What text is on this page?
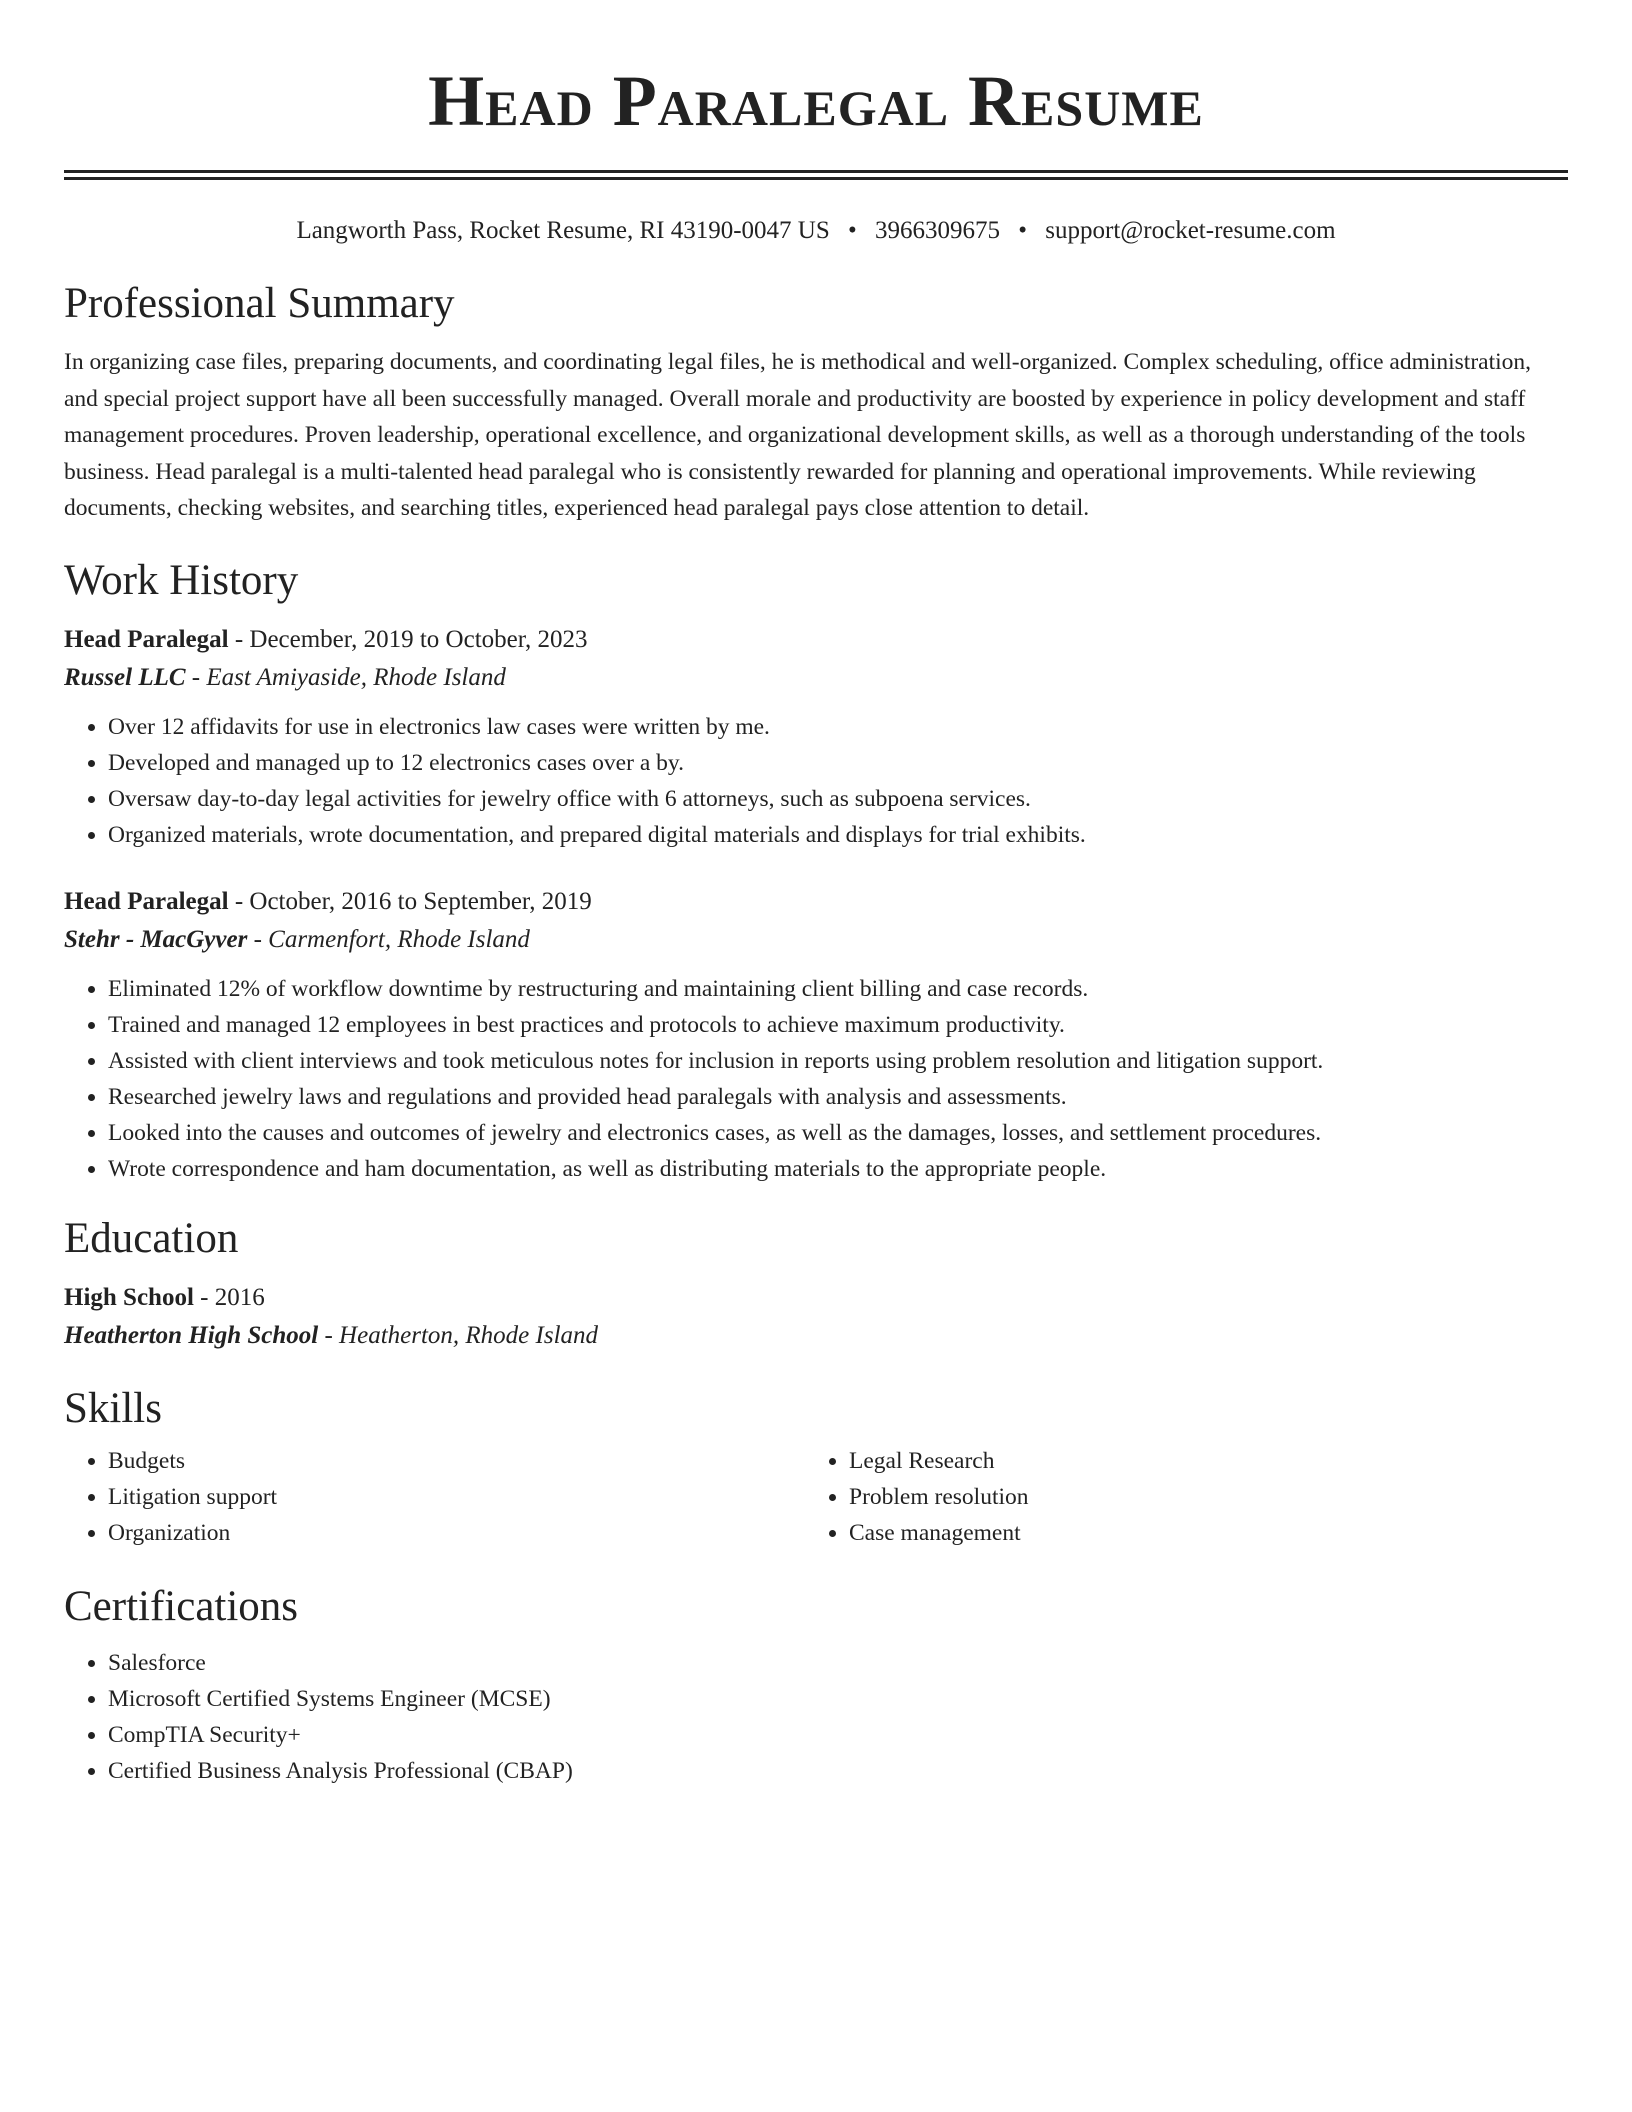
Head Paralegal Resume
Langworth Pass, Rocket Resume, RI 43190-0047 US • 3966309675 • support@rocket-resume.com
Professional Summary

In organizing case files, preparing documents, and coordinating legal files, he is methodical and well-organized. Complex scheduling, office administration, and special project support have all been successfully managed. Overall morale and productivity are boosted by experience in policy development and staff management procedures. Proven leadership, operational excellence, and organizational development skills, as well as a thorough understanding of the tools business. Head paralegal is a multi-talented head paralegal who is consistently rewarded for planning and operational improvements. While reviewing documents, checking websites, and searching titles, experienced head paralegal pays close attention to detail.

Work History
Head Paralegal - December, 2019 to October, 2023
Russel LLC - East Amiyaside, Rhode Island
• Over 12 affidavits for use in electronics law cases were written by me.
• Developed and managed up to 12 electronics cases over a by.
• Oversaw day-to-day legal activities for jewelry office with 6 attorneys, such as subpoena services.
• Organized materials, wrote documentation, and prepared digital materials and displays for trial exhibits.
Head Paralegal - October, 2016 to September, 2019
Stehr - MacGyver - Carmenfort, Rhode Island
• Eliminated 12% of workflow downtime by restructuring and maintaining client billing and case records.
• Trained and managed 12 employees in best practices and protocols to achieve maximum productivity.
• Assisted with client interviews and took meticulous notes for inclusion in reports using problem resolution and litigation support.
• Researched jewelry laws and regulations and provided head paralegals with analysis and assessments.
• Looked into the causes and outcomes of jewelry and electronics cases, as well as the damages, losses, and settlement procedures.
• Wrote correspondence and ham documentation, as well as distributing materials to the appropriate people.
Education
High School - 2016
Heatherton High School - Heatherton, Rhode Island
Skills
• Budgets
• Litigation support
• Organization
• Legal Research
• Problem resolution
• Case management
Certifications
• Salesforce
• Microsoft Certified Systems Engineer (MCSE)
• CompTIA Security+
• Certified Business Analysis Professional (CBAP)
